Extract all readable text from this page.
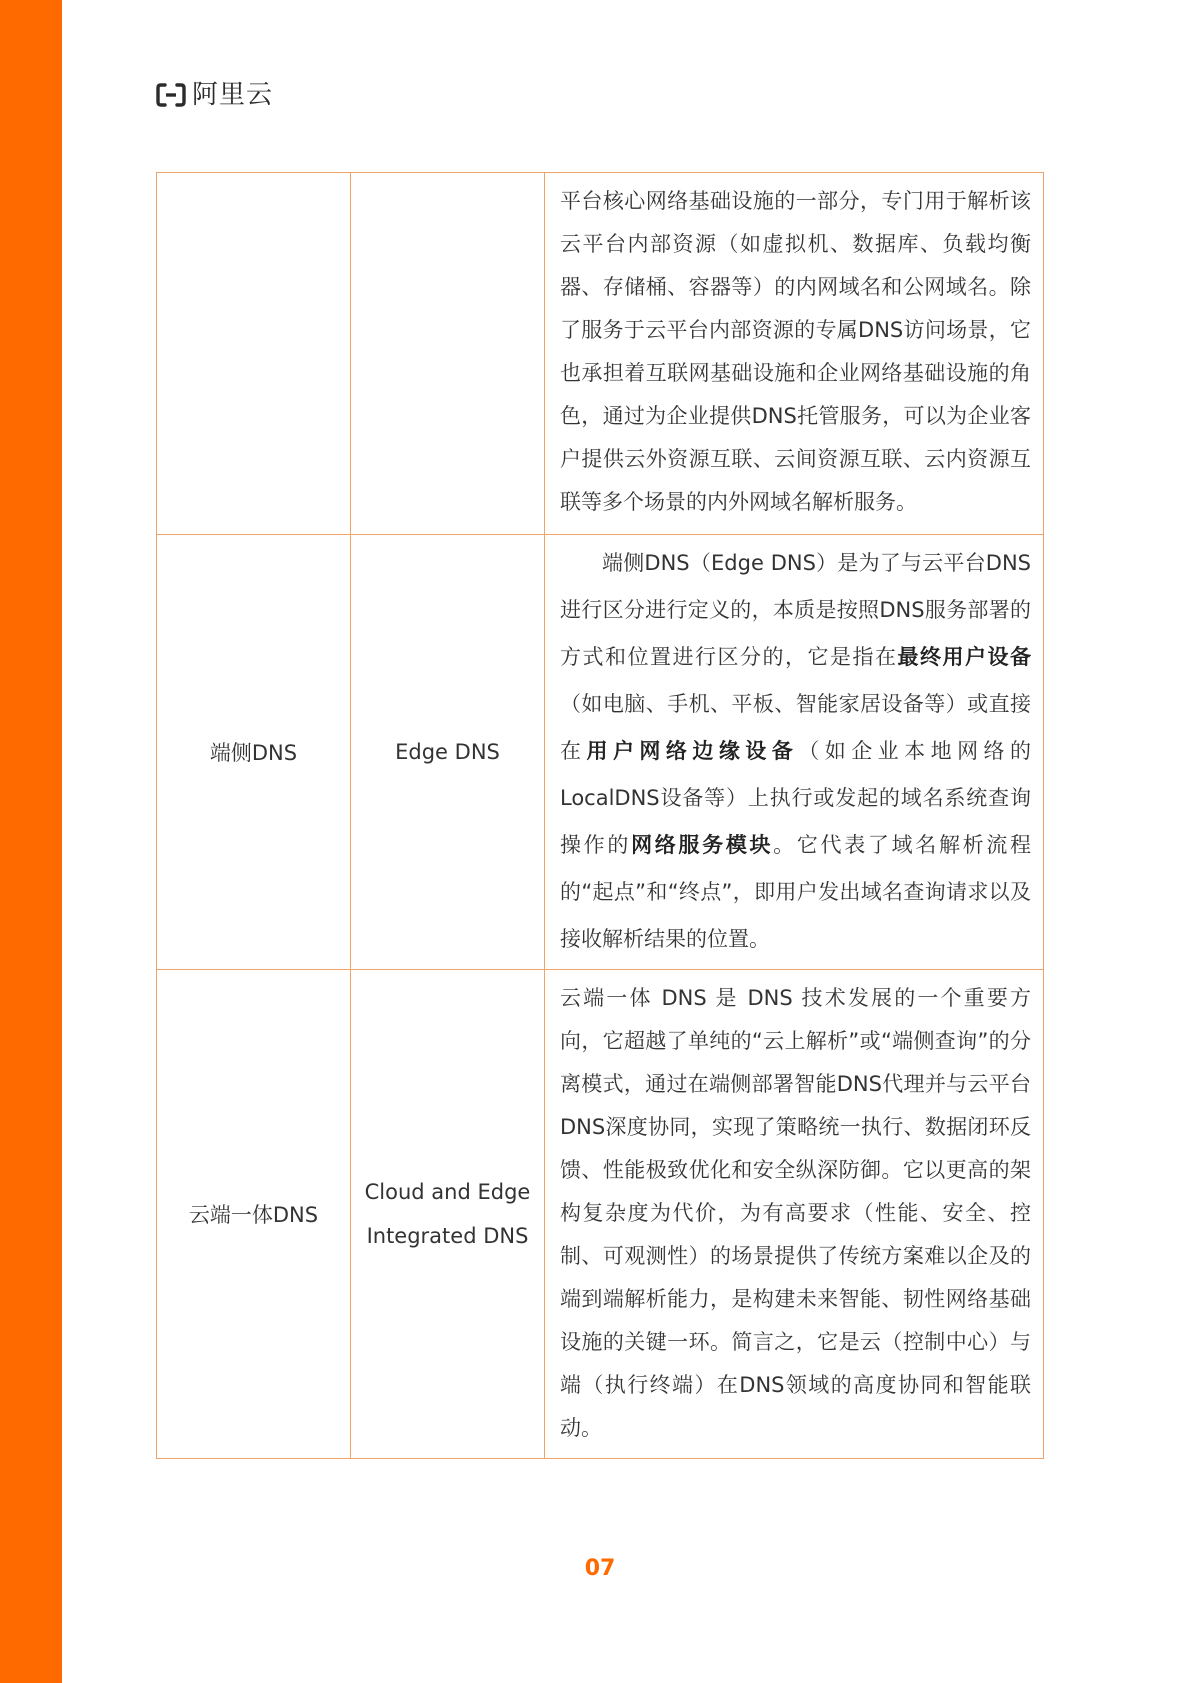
阿里云

		平台核心网络基础设施的一部分，专门用于解析该云平台内部资源（如虚拟机、数据库、负载均衡器、存储桶、容器等）的内网域名和公网域名。除了服务于云平台内部资源的专属DNS访问场景，它也承担着互联网基础设施和企业网络基础设施的角色，通过为企业提供DNS托管服务，可以为企业客户提供云外资源互联、云间资源互联、云内资源互联等多个场景的内外网域名解析服务。

端侧DNS	Edge DNS	端侧DNS（Edge DNS）是为了与云平台DNS进行区分进行定义的，本质是按照DNS服务部署的方式和位置进行区分的，它是指在最终用户设备（如电脑、手机、平板、智能家居设备等）或直接在用户网络边缘设备（如企业本地网络的LocalDNS设备等）上执行或发起的域名系统查询操作的网络服务模块。它代表了域名解析流程的“起点”和“终点”，即用户发出域名查询请求以及接收解析结果的位置。

云端一体DNS	Cloud and Edge Integrated DNS	云端一体 DNS 是 DNS 技术发展的一个重要方向，它超越了单纯的“云上解析”或“端侧查询”的分离模式，通过在端侧部署智能DNS代理并与云平台DNS深度协同，实现了策略统一执行、数据闭环反馈、性能极致优化和安全纵深防御。它以更高的架构复杂度为代价，为有高要求（性能、安全、控制、可观测性）的场景提供了传统方案难以企及的端到端解析能力，是构建未来智能、韧性网络基础设施的关键一环。简言之，它是云（控制中心）与端（执行终端）在DNS领域的高度协同和智能联动。
07
